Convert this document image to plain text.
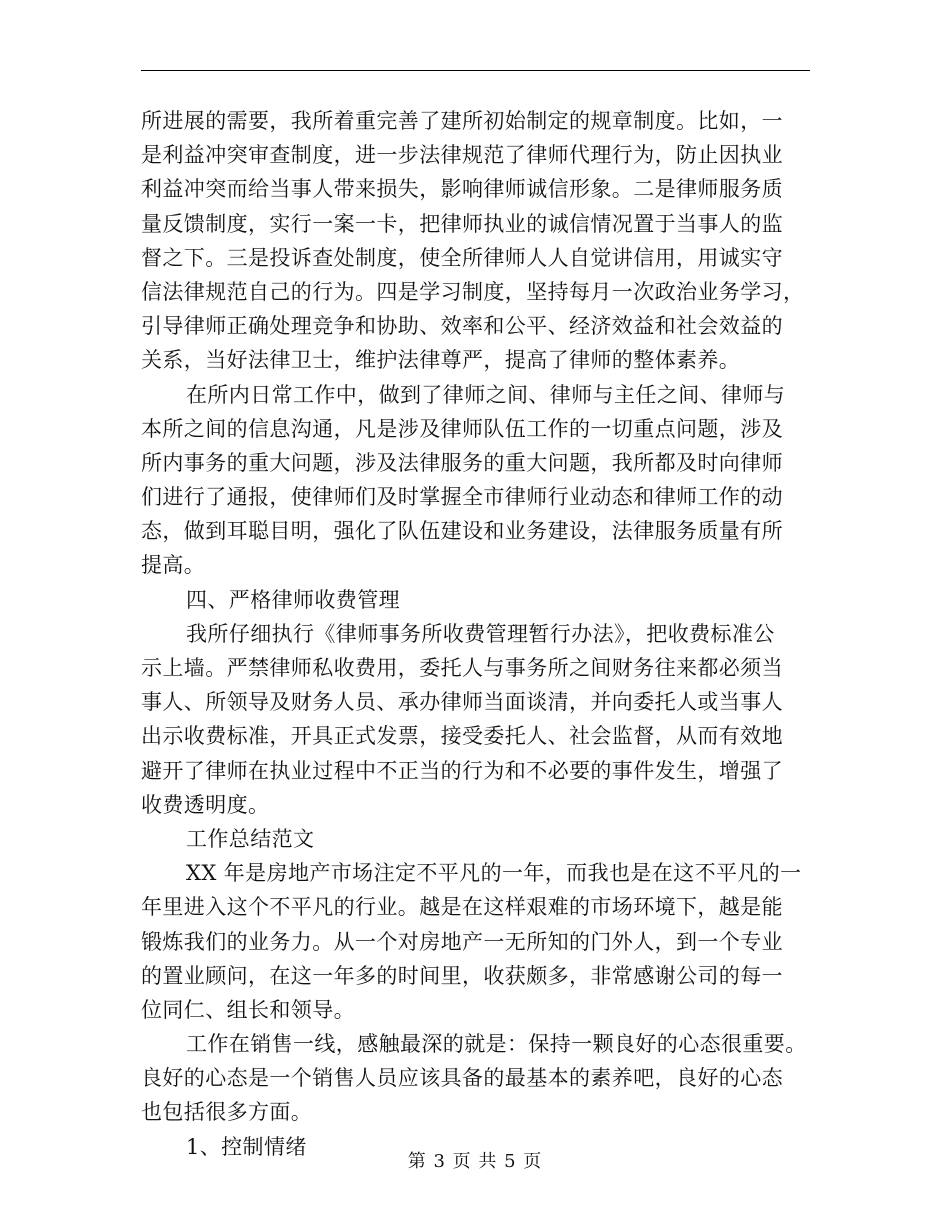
所进展的需要，我所着重完善了建所初始制定的规章制度。比如，一
是利益冲突审查制度，进一步法律规范了律师代理行为，防止因执业
利益冲突而给当事人带来损失，影响律师诚信形象。二是律师服务质
量反馈制度，实行一案一卡，把律师执业的诚信情况置于当事人的监
督之下。三是投诉查处制度，使全所律师人人自觉讲信用，用诚实守
信法律规范自己的行为。四是学习制度，坚持每月一次政治业务学习，
引导律师正确处理竞争和协助、效率和公平、经济效益和社会效益的
关系，当好法律卫士，维护法律尊严，提高了律师的整体素养。
在所内日常工作中，做到了律师之间、律师与主任之间、律师与
本所之间的信息沟通，凡是涉及律师队伍工作的一切重点问题，涉及
所内事务的重大问题，涉及法律服务的重大问题，我所都及时向律师
们进行了通报，使律师们及时掌握全市律师行业动态和律师工作的动
态，做到耳聪目明，强化了队伍建设和业务建设，法律服务质量有所
提高。
四、严格律师收费管理
我所仔细执行《律师事务所收费管理暂行办法》，把收费标准公
示上墙。严禁律师私收费用，委托人与事务所之间财务往来都必须当
事人、所领导及财务人员、承办律师当面谈清，并向委托人或当事人
出示收费标准，开具正式发票，接受委托人、社会监督，从而有效地
避开了律师在执业过程中不正当的行为和不必要的事件发生，增强了
收费透明度。
工作总结范文
XX 年是房地产市场注定不平凡的一年，而我也是在这不平凡的一
年里进入这个不平凡的行业。越是在这样艰难的市场环境下，越是能
锻炼我们的业务力。从一个对房地产一无所知的门外人，到一个专业
的置业顾问，在这一年多的时间里，收获颇多，非常感谢公司的每一
位同仁、组长和领导。
工作在销售一线，感触最深的就是：保持一颗良好的心态很重要。
良好的心态是一个销售人员应该具备的最基本的素养吧，良好的心态
也包括很多方面。
1、控制情绪
第 3 页 共 5 页
